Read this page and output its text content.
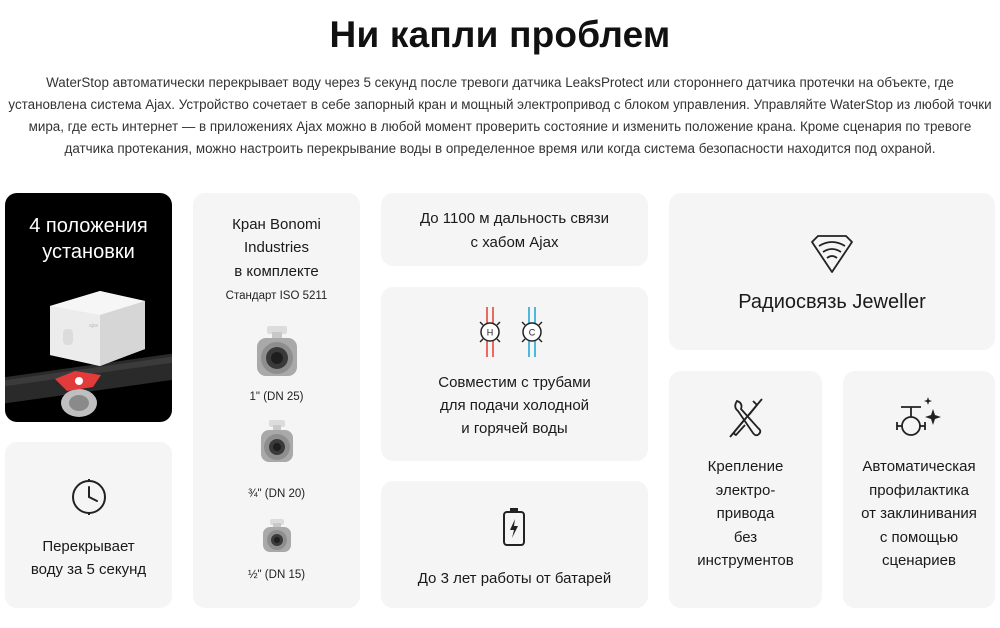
Ни капли проблем
WaterStop автоматически перекрывает воду через 5 секунд после тревоги датчика LeaksProtect или стороннего датчика протечки на объекте, где установлена система Ajax. Устройство сочетает в себе запорный кран и мощный электропривод с блоком управления. Управляйте WaterStop из любой точки мира, где есть интернет — в приложениях Ajax можно в любой момент проверить состояние и изменить положение крана. Кроме сценария по тревоге датчика протекания, можно настроить перекрывание воды в определенное время или когда система безопасности находится под охраной.
4 положения
установки
ajax
Перекрывает
воду за 5 секунд
Кран Bonomi
Industries
в комплекте
Стандарт ISO 5211
1" (DN 25)
¾" (DN 20)
½" (DN 15)
До 1100 м дальность связи
с хабом Ajax
H	C
Совместим с трубами
для подачи холодной
и горячей воды
До 3 лет работы от батарей
Радиосвязь Jeweller
Крепление
электро-
привода
без
инструментов
Автоматическая
профилактика
от заклинивания
с помощью
сценариев
